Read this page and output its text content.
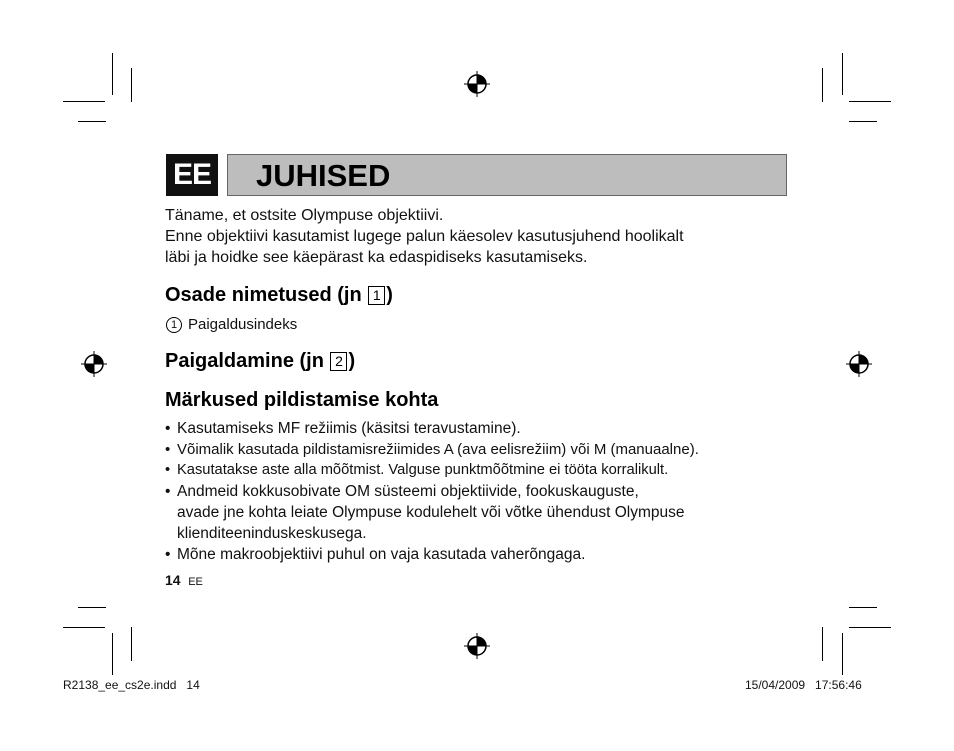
EE JUHISED
Täname, et ostsite Olympuse objektiivi.
Enne objektiivi kasutamist lugege palun käesolev kasutusjuhend hoolikalt
läbi ja hoidke see käepärast ka edaspidiseks kasutamiseks.
Osade nimetused (jn 1 )
1 Paigaldusindeks
Paigaldamine (jn 2 )
Märkused pildistamise kohta
• Kasutamiseks MF režiimis (käsitsi teravustamine).
• Võimalik kasutada pildistamisrežiimides A (ava eelisrežiim) või M (manuaalne).
• Kasutatakse aste alla mõõtmist. Valguse punktmõõtmine ei tööta korralikult.
• Andmeid kokkusobivate OM süsteemi objektiivide, fookuskauguste,
avade jne kohta leiate Olympuse kodulehelt või võtke ühendust Olympuse
klienditeeninduskeskusega.
• Mõne makroobjektiivi puhul on vaja kasutada vaherõngaga.
14 EE
R2138_ee_cs2e.indd   14	15/04/2009   17:56:46
